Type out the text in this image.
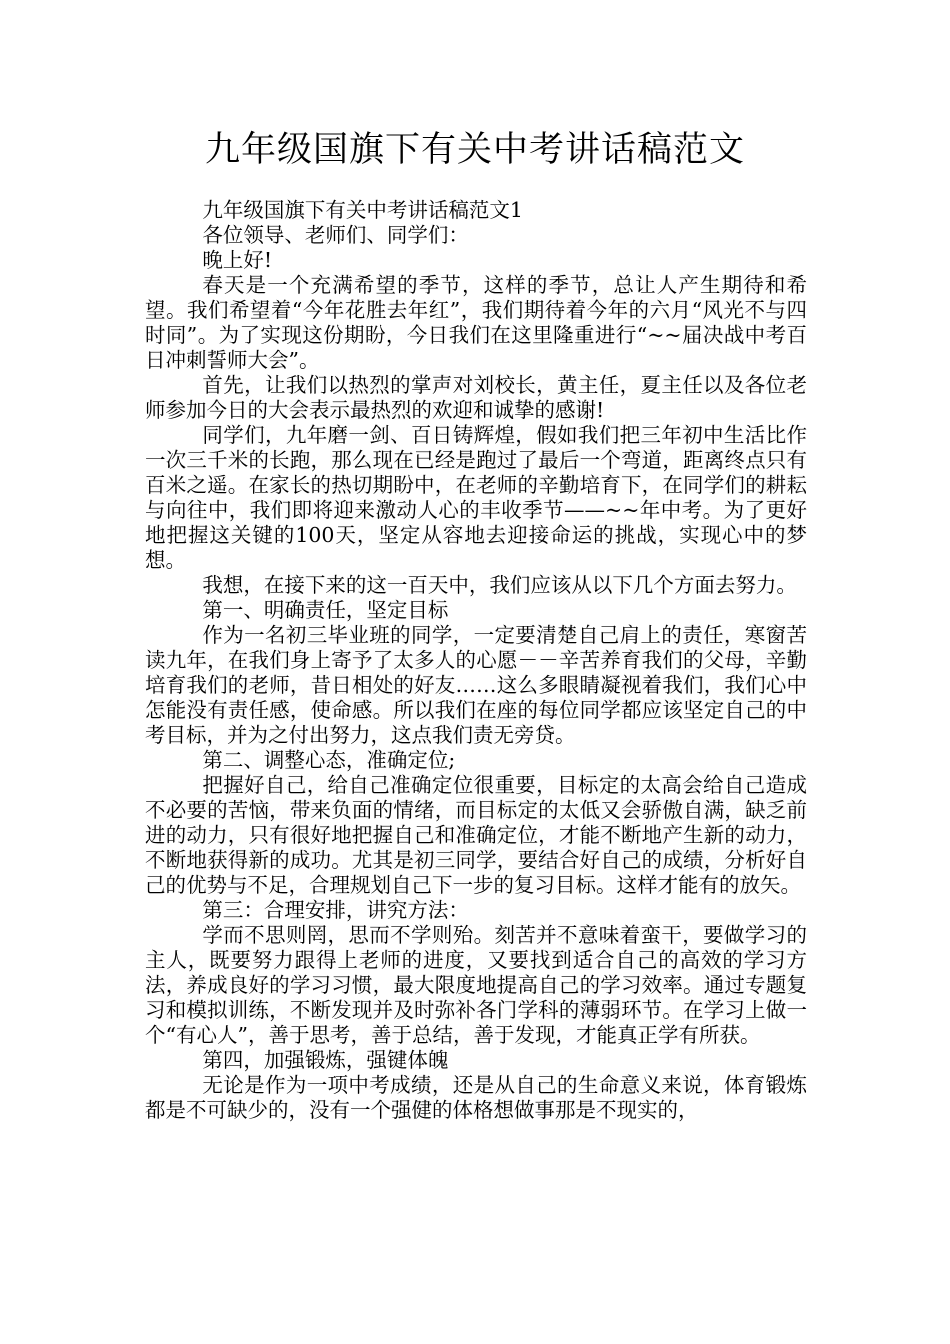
九年级国旗下有关中考讲话稿范文

九年级国旗下有关中考讲话稿范文1

各位领导、老师们、同学们：

晚上好!

春天是一个充满希望的季节，这样的季节，总让人产生期待和希望。我们希望着“今年花胜去年红”，我们期待着今年的六月“风光不与四时同”。为了实现这份期盼，今日我们在这里隆重进行“~~届决战中考百日冲刺誓师大会”。

首先，让我们以热烈的掌声对刘校长，黄主任，夏主任以及各位老师参加今日的大会表示最热烈的欢迎和诚挚的感谢!

同学们，九年磨一剑、百日铸辉煌，假如我们把三年初中生活比作一次三千米的长跑，那么现在已经是跑过了最后一个弯道，距离终点只有百米之遥。在家长的热切期盼中，在老师的辛勤培育下，在同学们的耕耘与向往中，我们即将迎来激动人心的丰收季节——~~年中考。为了更好地把握这关键的100天，坚定从容地去迎接命运的挑战，实现心中的梦想。

我想，在接下来的这一百天中，我们应该从以下几个方面去努力。

第一、明确责任，坚定目标

作为一名初三毕业班的同学，一定要清楚自己肩上的责任，寒窗苦读九年，在我们身上寄予了太多人的心愿－－辛苦养育我们的父母，辛勤培育我们的老师，昔日相处的好友……这么多眼睛凝视着我们，我们心中怎能没有责任感，使命感。所以我们在座的每位同学都应该坚定自己的中考目标，并为之付出努力，这点我们责无旁贷。

第二、调整心态，准确定位;

把握好自己，给自己准确定位很重要，目标定的太高会给自己造成不必要的苦恼，带来负面的情绪，而目标定的太低又会骄傲自满，缺乏前进的动力，只有很好地把握自己和准确定位，才能不断地产生新的动力，不断地获得新的成功。尤其是初三同学，要结合好自己的成绩，分析好自己的优势与不足，合理规划自己下一步的复习目标。这样才能有的放矢。

第三：合理安排，讲究方法：

学而不思则罔，思而不学则殆。刻苦并不意味着蛮干，要做学习的主人，既要努力跟得上老师的进度，又要找到适合自己的高效的学习方法，养成良好的学习习惯，最大限度地提高自己的学习效率。通过专题复习和模拟训练，不断发现并及时弥补各门学科的薄弱环节。在学习上做一个“有心人”，善于思考，善于总结，善于发现，才能真正学有所获。

第四，加强锻炼，强键体魄

无论是作为一项中考成绩，还是从自己的生命意义来说，体育锻炼都是不可缺少的，没有一个强健的体格想做事那是不现实的，
